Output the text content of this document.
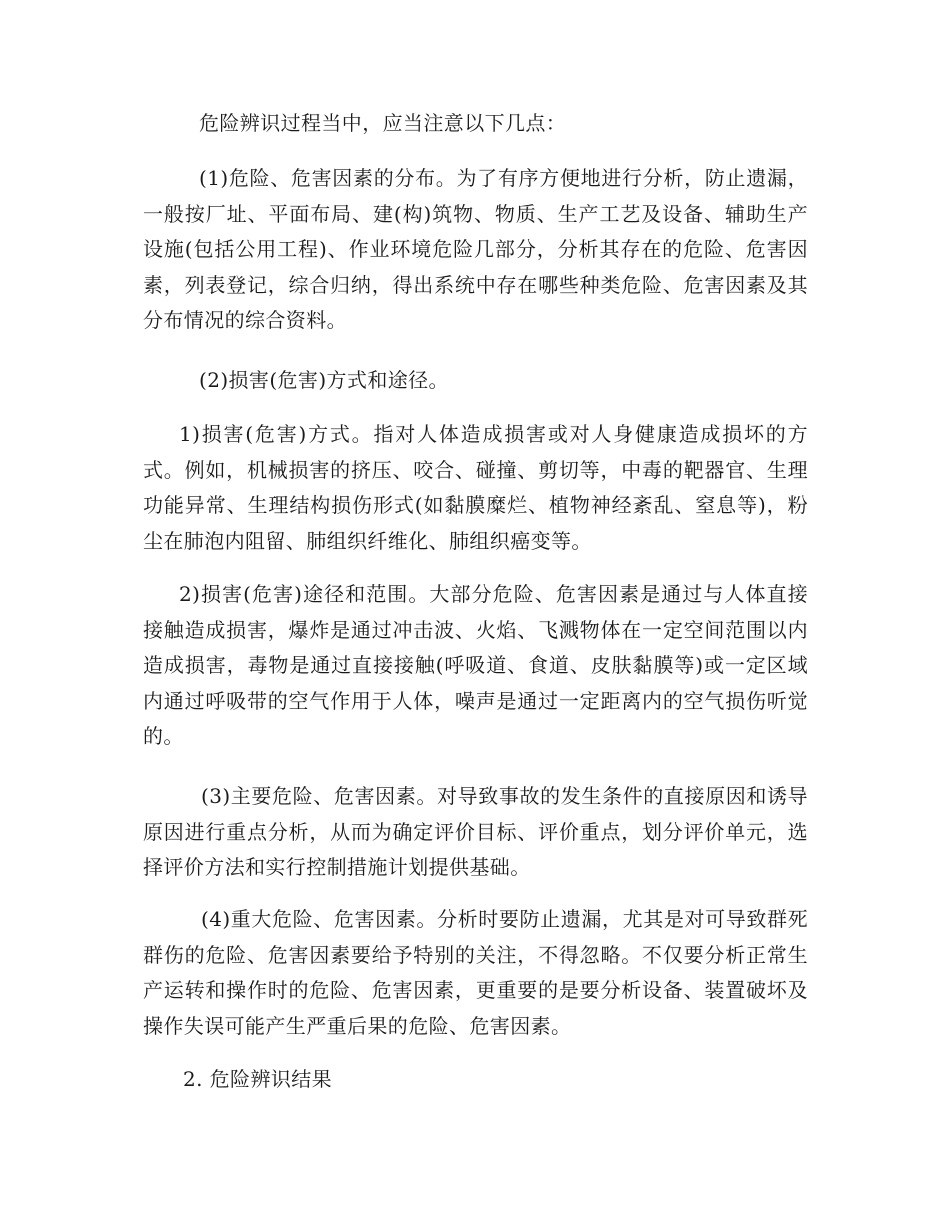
危险辨识过程当中，应当注意以下几点：

(1)危险、危害因素的分布。为了有序方便地进行分析，防止遗漏，一般按厂址、平面布局、建(构)筑物、物质、生产工艺及设备、辅助生产设施(包括公用工程)、作业环境危险几部分，分析其存在的危险、危害因素，列表登记，综合归纳，得出系统中存在哪些种类危险、危害因素及其分布情况的综合资料。

(2)损害(危害)方式和途径。

1)损害(危害)方式。指对人体造成损害或对人身健康造成损坏的方式。例如，机械损害的挤压、咬合、碰撞、剪切等，中毒的靶器官、生理功能异常、生理结构损伤形式(如黏膜糜烂、植物神经紊乱、窒息等)，粉尘在肺泡内阻留、肺组织纤维化、肺组织癌变等。

2)损害(危害)途径和范围。大部分危险、危害因素是通过与人体直接接触造成损害，爆炸是通过冲击波、火焰、飞溅物体在一定空间范围以内造成损害，毒物是通过直接接触(呼吸道、食道、皮肤黏膜等)或一定区域内通过呼吸带的空气作用于人体，噪声是通过一定距离内的空气损伤听觉的。

(3)主要危险、危害因素。对导致事故的发生条件的直接原因和诱导原因进行重点分析，从而为确定评价目标、评价重点，划分评价单元，选择评价方法和实行控制措施计划提供基础。

(4)重大危险、危害因素。分析时要防止遗漏，尤其是对可导致群死群伤的危险、危害因素要给予特别的关注，不得忽略。不仅要分析正常生产运转和操作时的危险、危害因素，更重要的是要分析设备、装置破坏及操作失误可能产生严重后果的危险、危害因素。

2. 危险辨识结果
